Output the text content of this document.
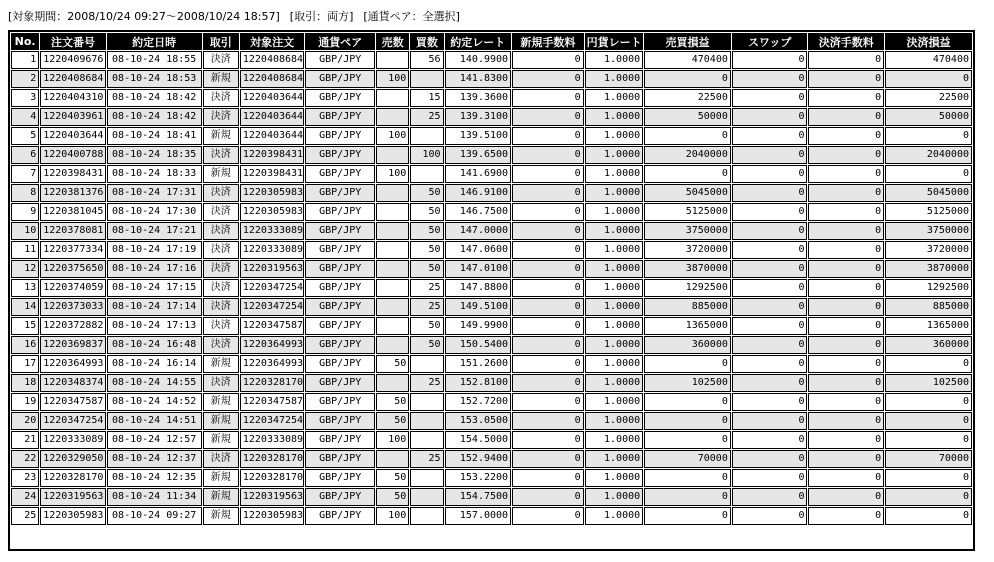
[対象期間：2008/10/24 09:27～2008/10/24 18:57] [取引：両方] [通貨ペア：全選択]
No.	注文番号	約定日時	取引	対象注文	通貨ペア	売数	買数	約定レート	新規手数料	円貨レート	売買損益	スワップ	決済手数料	決済損益
1	1220409676	08-10-24 18:55	決済	1220408684	GBP/JPY		56	140.9900	0	1.0000	470400	0	0	470400
2	1220408684	08-10-24 18:53	新規	1220408684	GBP/JPY	100		141.8300	0	1.0000	0	0	0	0
3	1220404310	08-10-24 18:42	決済	1220403644	GBP/JPY		15	139.3600	0	1.0000	22500	0	0	22500
4	1220403961	08-10-24 18:42	決済	1220403644	GBP/JPY		25	139.3100	0	1.0000	50000	0	0	50000
5	1220403644	08-10-24 18:41	新規	1220403644	GBP/JPY	100		139.5100	0	1.0000	0	0	0	0
6	1220400788	08-10-24 18:35	決済	1220398431	GBP/JPY		100	139.6500	0	1.0000	2040000	0	0	2040000
7	1220398431	08-10-24 18:33	新規	1220398431	GBP/JPY	100		141.6900	0	1.0000	0	0	0	0
8	1220381376	08-10-24 17:31	決済	1220305983	GBP/JPY		50	146.9100	0	1.0000	5045000	0	0	5045000
9	1220381045	08-10-24 17:30	決済	1220305983	GBP/JPY		50	146.7500	0	1.0000	5125000	0	0	5125000
10	1220378081	08-10-24 17:21	決済	1220333089	GBP/JPY		50	147.0000	0	1.0000	3750000	0	0	3750000
11	1220377334	08-10-24 17:19	決済	1220333089	GBP/JPY		50	147.0600	0	1.0000	3720000	0	0	3720000
12	1220375650	08-10-24 17:16	決済	1220319563	GBP/JPY		50	147.0100	0	1.0000	3870000	0	0	3870000
13	1220374059	08-10-24 17:15	決済	1220347254	GBP/JPY		25	147.8800	0	1.0000	1292500	0	0	1292500
14	1220373033	08-10-24 17:14	決済	1220347254	GBP/JPY		25	149.5100	0	1.0000	885000	0	0	885000
15	1220372882	08-10-24 17:13	決済	1220347587	GBP/JPY		50	149.9900	0	1.0000	1365000	0	0	1365000
16	1220369837	08-10-24 16:48	決済	1220364993	GBP/JPY		50	150.5400	0	1.0000	360000	0	0	360000
17	1220364993	08-10-24 16:14	新規	1220364993	GBP/JPY	50		151.2600	0	1.0000	0	0	0	0
18	1220348374	08-10-24 14:55	決済	1220328170	GBP/JPY		25	152.8100	0	1.0000	102500	0	0	102500
19	1220347587	08-10-24 14:52	新規	1220347587	GBP/JPY	50		152.7200	0	1.0000	0	0	0	0
20	1220347254	08-10-24 14:51	新規	1220347254	GBP/JPY	50		153.0500	0	1.0000	0	0	0	0
21	1220333089	08-10-24 12:57	新規	1220333089	GBP/JPY	100		154.5000	0	1.0000	0	0	0	0
22	1220329050	08-10-24 12:37	決済	1220328170	GBP/JPY		25	152.9400	0	1.0000	70000	0	0	70000
23	1220328170	08-10-24 12:35	新規	1220328170	GBP/JPY	50		153.2200	0	1.0000	0	0	0	0
24	1220319563	08-10-24 11:34	新規	1220319563	GBP/JPY	50		154.7500	0	1.0000	0	0	0	0
25	1220305983	08-10-24 09:27	新規	1220305983	GBP/JPY	100		157.0000	0	1.0000	0	0	0	0
